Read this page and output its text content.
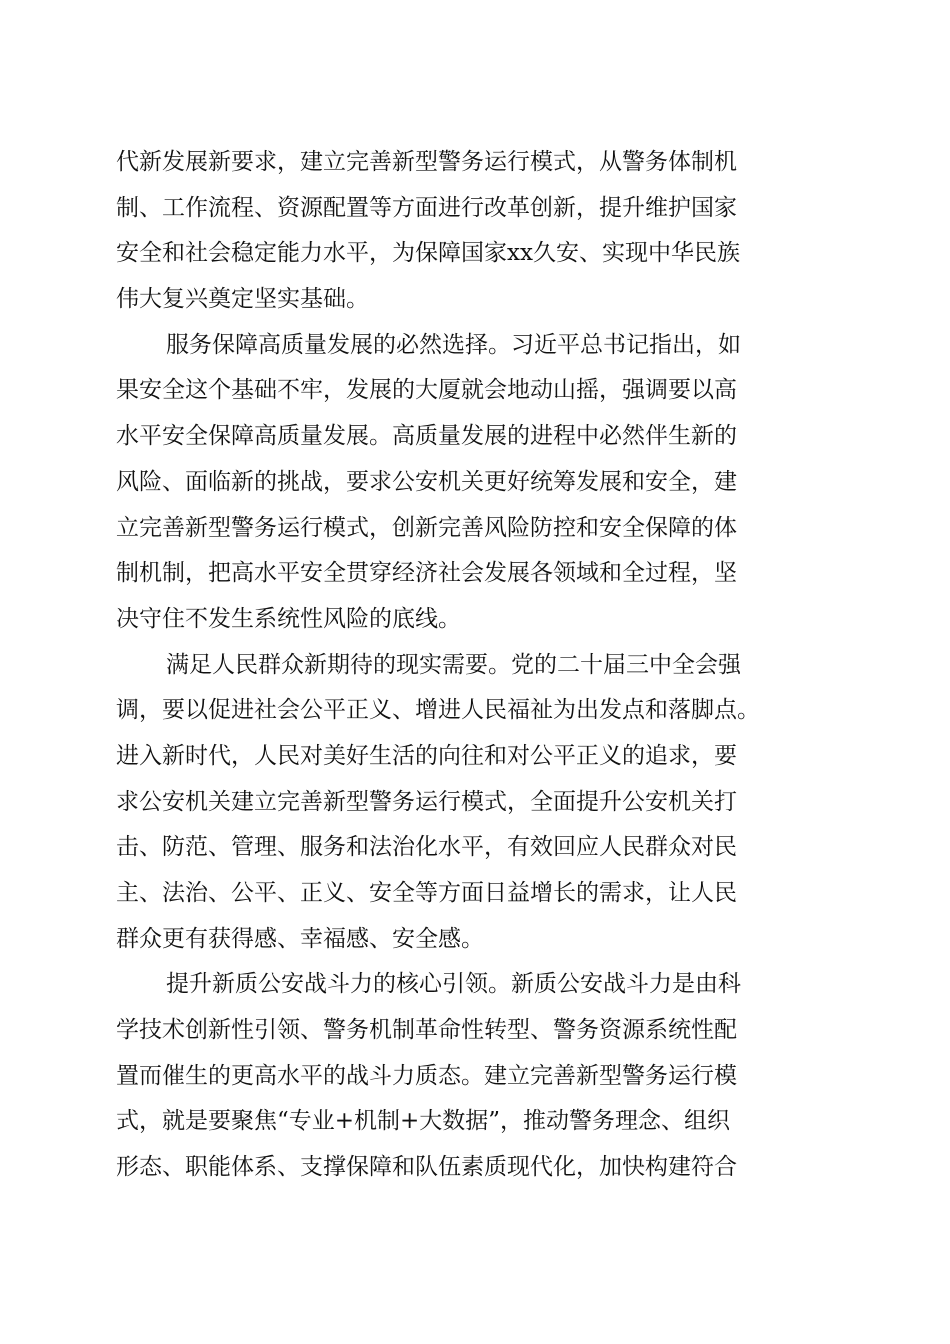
代新发展新要求，建立完善新型警务运行模式，从警务体制机
制、工作流程、资源配置等方面进行改革创新，提升维护国家
安全和社会稳定能力水平，为保障国家xx久安、实现中华民族
伟大复兴奠定坚实基础。

服务保障高质量发展的必然选择。习近平总书记指出，如
果安全这个基础不牢，发展的大厦就会地动山摇，强调要以高
水平安全保障高质量发展。高质量发展的进程中必然伴生新的
风险、面临新的挑战，要求公安机关更好统筹发展和安全，建
立完善新型警务运行模式，创新完善风险防控和安全保障的体
制机制，把高水平安全贯穿经济社会发展各领域和全过程，坚
决守住不发生系统性风险的底线。

满足人民群众新期待的现实需要。党的二十届三中全会强
调，要以促进社会公平正义、增进人民福祉为出发点和落脚点。
进入新时代，人民对美好生活的向往和对公平正义的追求，要
求公安机关建立完善新型警务运行模式，全面提升公安机关打
击、防范、管理、服务和法治化水平，有效回应人民群众对民
主、法治、公平、正义、安全等方面日益增长的需求，让人民
群众更有获得感、幸福感、安全感。

提升新质公安战斗力的核心引领。新质公安战斗力是由科
学技术创新性引领、警务机制革命性转型、警务资源系统性配
置而催生的更高水平的战斗力质态。建立完善新型警务运行模
式，就是要聚焦“专业+机制+大数据”，推动警务理念、组织
形态、职能体系、支撑保障和队伍素质现代化，加快构建符合
